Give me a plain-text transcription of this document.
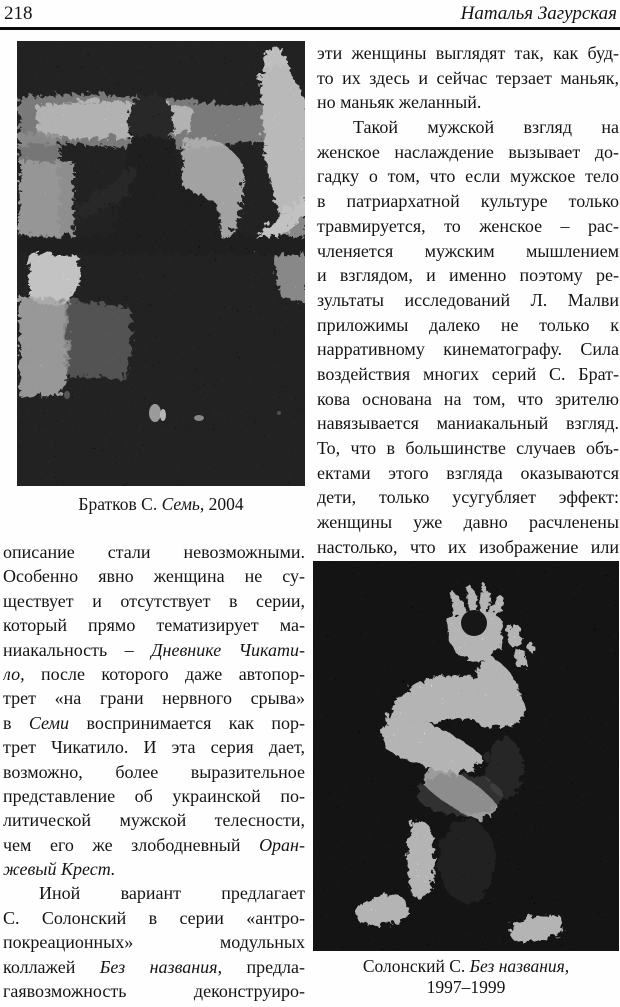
218	Наталья Загурская
Братков С. Семь, 2004
описание стали невозможными.
Особенно явно женщина не су-
ществует и отсутствует в серии,
который прямо тематизирует ма-
ниакальность – Дневнике Чикати-
ло, после которого даже автопор-
трет «на грани нервного срыва»
в Семи воспринимается как пор-
трет Чикатило. И эта серия дает,
возможно, более выразительное
представление об украинской по-
литической мужской телесности,
чем его же злободневный Оран-
жевый Крест.
Иной вариант предлагает
С. Солонский в серии «антро-
покреационных» модульных
коллажей Без названия, предла-
гаявозможность деконструиро-
эти женщины выглядят так, как буд-
то их здесь и сейчас терзает маньяк,
но маньяк желанный.
Такой мужской взгляд на
женское наслаждение вызывает до-
гадку о том, что если мужское тело
в патриархатной культуре только
травмируется, то женское – рас-
членяется мужским мышлением
и взглядом, и именно поэтому ре-
зультаты исследований Л. Малви
приложимы далеко не только к
нарративному кинематографу. Сила
воздействия многих серий С. Брат-
кова основана на том, что зрителю
навязывается маниакальный взгляд.
То, что в большинстве случаев объ-
ектами этого взгляда оказываются
дети, только усугубляет эффект:
женщины уже давно расчленены
настолько, что их изображение или
Солонский С. Без названия,
1997–1999
